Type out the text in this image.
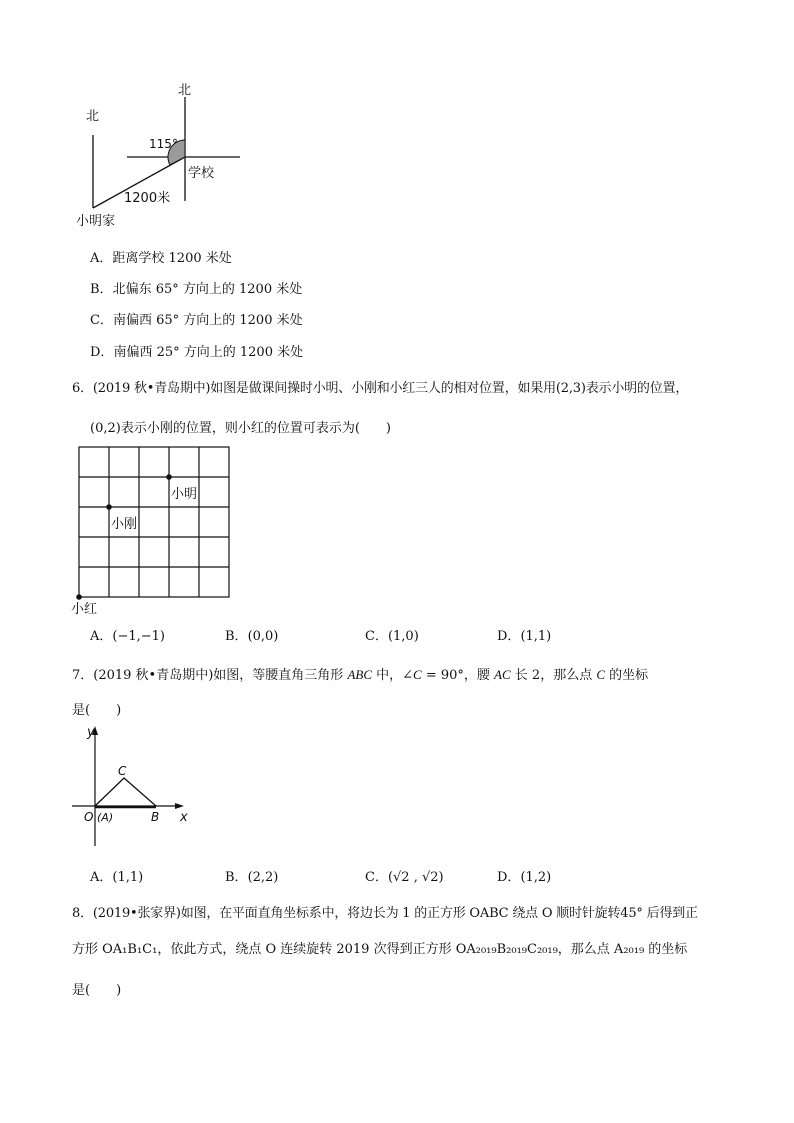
北
北
115°
学校
1200米
小明家
A．距离学校 1200 米处
B．北偏东 65° 方向上的 1200 米处
C．南偏西 65° 方向上的 1200 米处
D．南偏西 25° 方向上的 1200 米处
6．(2019 秋•青岛期中)如图是做课间操时小明、小刚和小红三人的相对位置，如果用(2,3)表示小明的位置，
(0,2)表示小刚的位置，则小红的位置可表示为(　　)
小明
小刚
小红
A．(−1,−1)	B．(0,0)	C．(1,0)	D．(1,1)
7．(2019 秋•青岛期中)如图，等腰直角三角形 ABC 中，∠C = 90°，腰 AC 长 2，那么点 C 的坐标
是(　　)
y
x
C
O (A)	B
A．(1,1)	B．(2,2)	C．(√2 , √2)	D．(1,2)
8．(2019•张家界)如图，在平面直角坐标系中，将边长为 1 的正方形 OABC 绕点 O 顺时针旋转45° 后得到正
方形 OA₁B₁C₁，依此方式，绕点 O 连续旋转 2019 次得到正方形 OA₂₀₁₉B₂₀₁₉C₂₀₁₉，那么点 A₂₀₁₉ 的坐标
是(　　)
